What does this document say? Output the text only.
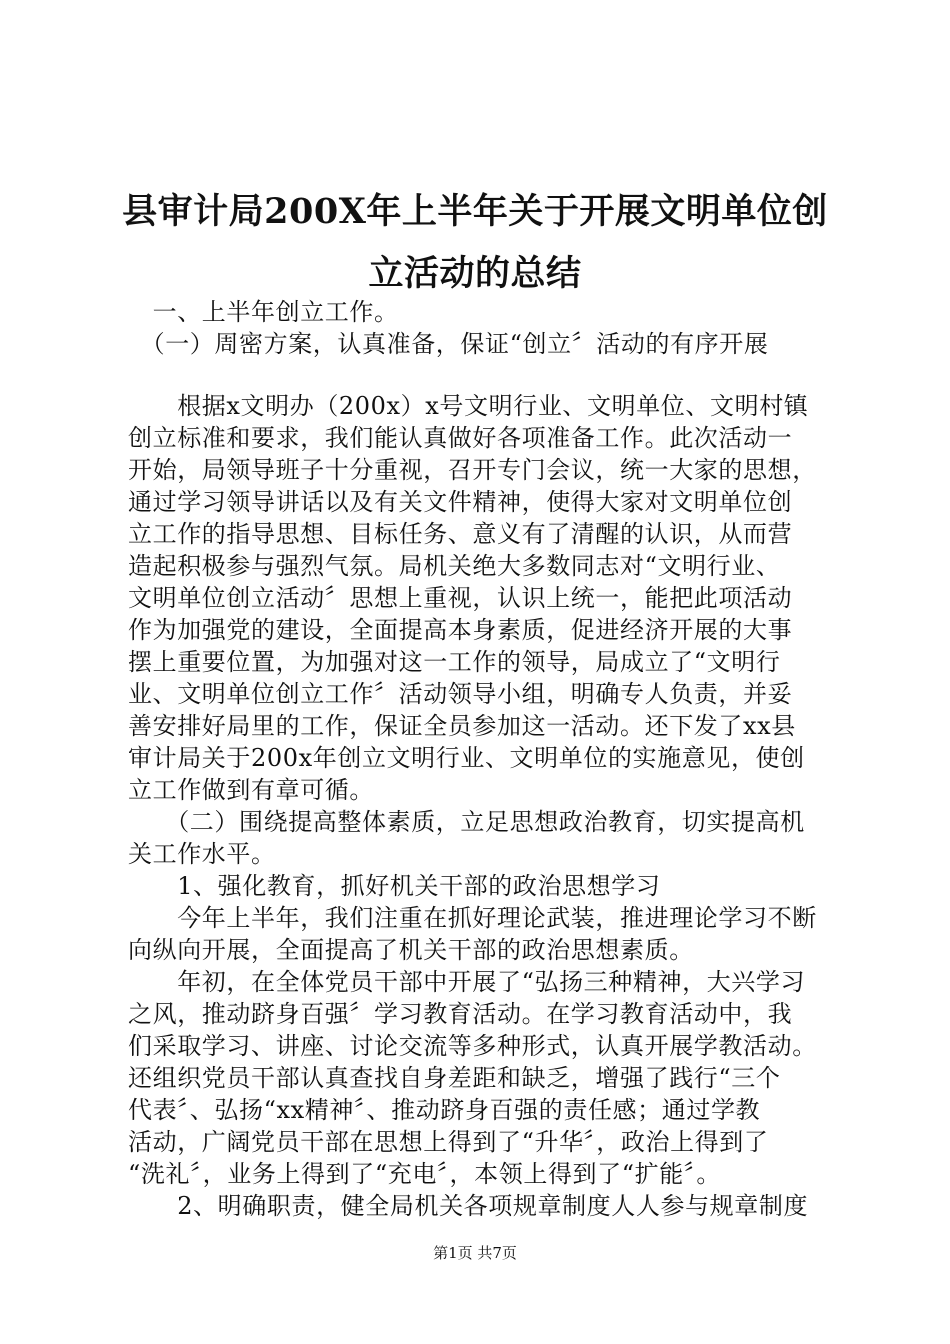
县审计局200X年上半年关于开展文明单位创
立活动的总结
　一、上半年创立工作。
　（一）周密方案，认真准备，保证“创立〞活动的有序开展
　　根据x文明办（200x）x号文明行业、文明单位、文明村镇
创立标准和要求，我们能认真做好各项准备工作。此次活动一
开始，局领导班子十分重视，召开专门会议，统一大家的思想，
通过学习领导讲话以及有关文件精神，使得大家对文明单位创
立工作的指导思想、目标任务、意义有了清醒的认识，从而营
造起积极参与强烈气氛。局机关绝大多数同志对“文明行业、
文明单位创立活动〞思想上重视，认识上统一，能把此项活动
作为加强党的建设，全面提高本身素质，促进经济开展的大事
摆上重要位置，为加强对这一工作的领导，局成立了“文明行
业、文明单位创立工作〞活动领导小组，明确专人负责，并妥
善安排好局里的工作，保证全员参加这一活动。还下发了xx县
审计局关于200x年创立文明行业、文明单位的实施意见，使创
立工作做到有章可循。
　　（二）围绕提高整体素质，立足思想政治教育，切实提高机
关工作水平。
　　1、强化教育，抓好机关干部的政治思想学习
　　今年上半年，我们注重在抓好理论武装，推进理论学习不断
向纵向开展，全面提高了机关干部的政治思想素质。
　　年初，在全体党员干部中开展了“弘扬三种精神，大兴学习
之风，推动跻身百强〞学习教育活动。在学习教育活动中，我
们采取学习、讲座、讨论交流等多种形式，认真开展学教活动。
还组织党员干部认真查找自身差距和缺乏，增强了践行“三个
代表〞、弘扬“xx精神〞、推动跻身百强的责任感；通过学教
活动，广阔党员干部在思想上得到了“升华〞，政治上得到了
“洗礼〞，业务上得到了“充电〞，本领上得到了“扩能〞。
　　2、明确职责，健全局机关各项规章制度人人参与规章制度
第1页 共7页
